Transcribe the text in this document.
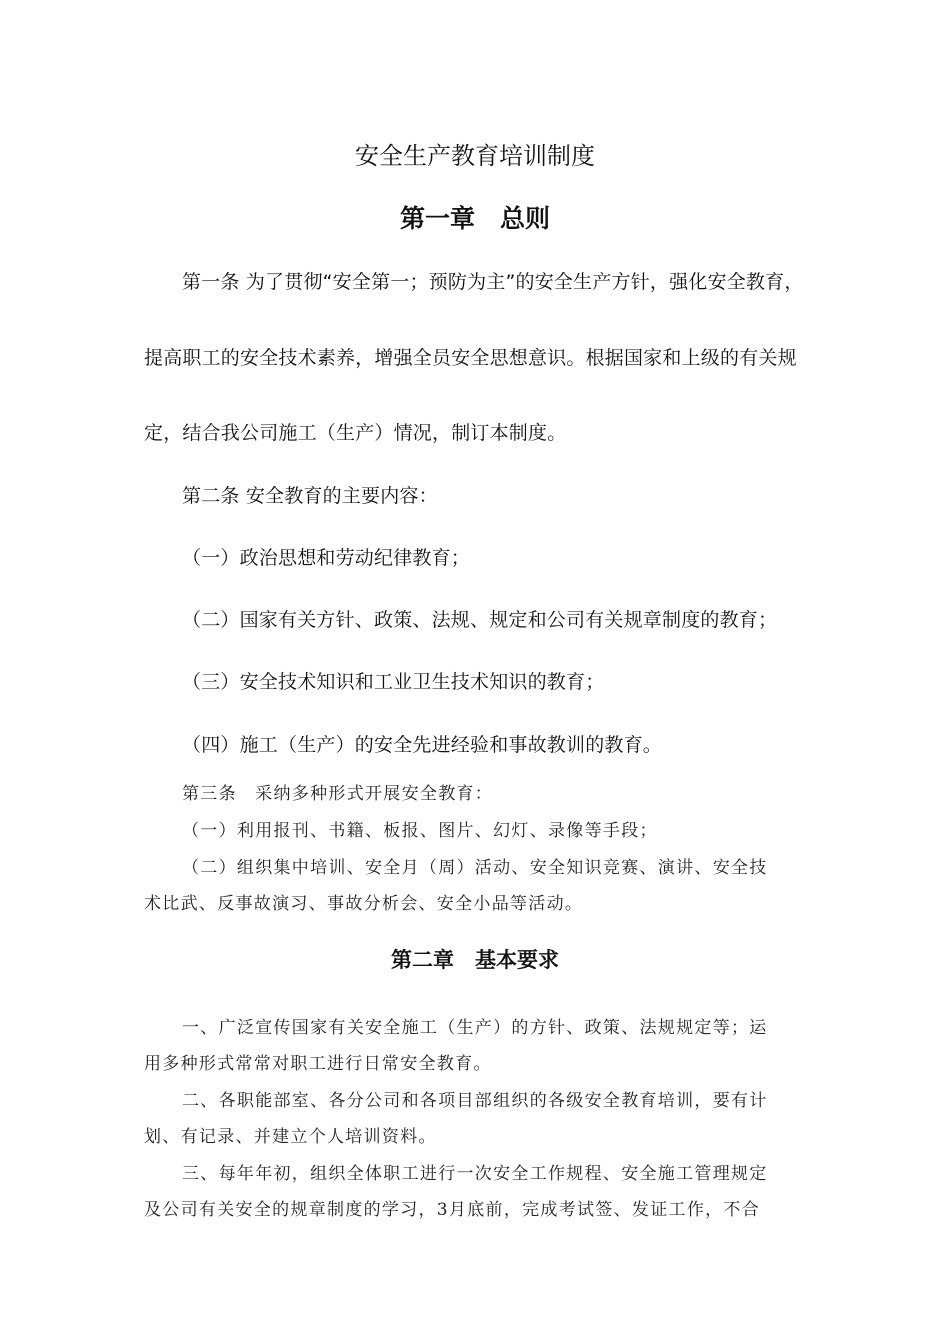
安全生产教育培训制度
第一章　总则

第一条 为了贯彻“安全第一；预防为主”的安全生产方针，强化安全教育，

提高职工的安全技术素养，增强全员安全思想意识。根据国家和上级的有关规

定，结合我公司施工（生产）情况，制订本制度。

第二条 安全教育的主要内容：

（一）政治思想和劳动纪律教育；

（二）国家有关方针、政策、法规、规定和公司有关规章制度的教育；

（三）安全技术知识和工业卫生技术知识的教育；

（四）施工（生产）的安全先进经验和事故教训的教育。

第三条　采纳多种形式开展安全教育：

（一）利用报刊、书籍、板报、图片、幻灯、录像等手段；

（二）组织集中培训、安全月（周）活动、安全知识竞赛、演讲、安全技

术比武、反事故演习、事故分析会、安全小品等活动。

第二章　基本要求

一、广泛宣传国家有关安全施工（生产）的方针、政策、法规规定等；运

用多种形式常常对职工进行日常安全教育。

二、各职能部室、各分公司和各项目部组织的各级安全教育培训，要有计

划、有记录、并建立个人培训资料。

三、每年年初，组织全体职工进行一次安全工作规程、安全施工管理规定

及公司有关安全的规章制度的学习，3月底前，完成考试签、发证工作，不合
